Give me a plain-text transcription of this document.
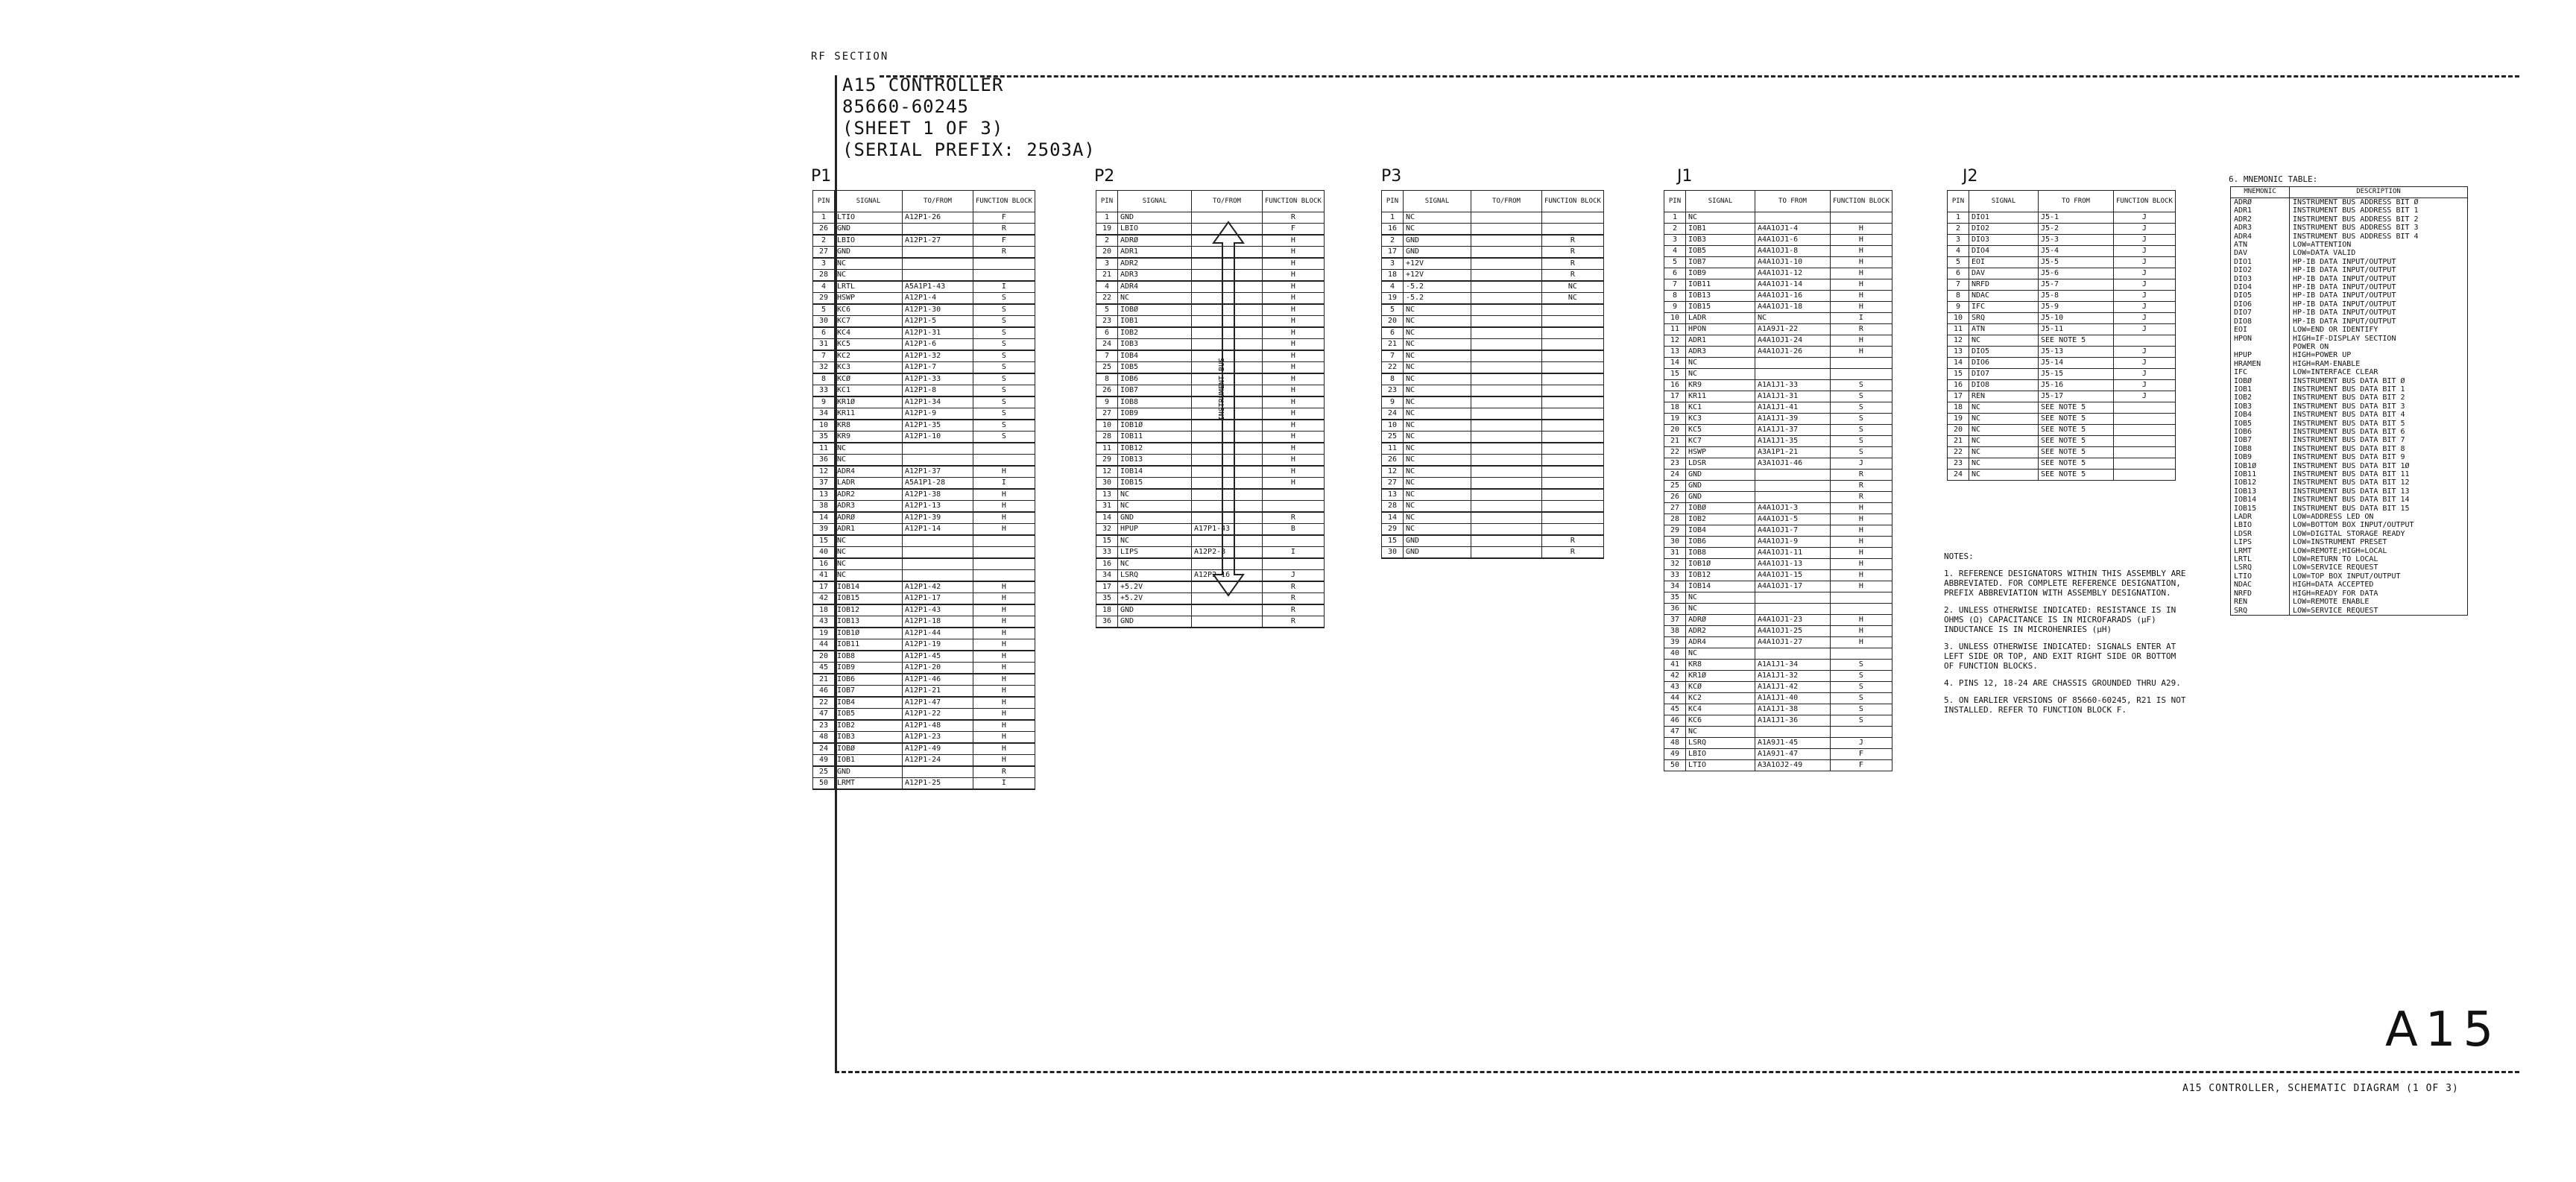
RF SECTION
A15 CONTROLLER
85660-60245
(SHEET 1 OF 3)
(SERIAL PREFIX: 2503A)
P1	P2	P3	J1	J2
PIN	SIGNAL	TO/FROM	FUNCTION BLOCK
1	LTIO	A12P1-26	F
26	GND		R
2	LBIO	A12P1-27	F
27	GND		R
3	NC		
28	NC		
4	LRTL	A5A1P1-43	I
29	HSWP	A12P1-4	S
5	KC6	A12P1-30	S
30	KC7	A12P1-5	S
6	KC4	A12P1-31	S
31	KC5	A12P1-6	S
7	KC2	A12P1-32	S
32	KC3	A12P1-7	S
8	KCØ	A12P1-33	S
33	KC1	A12P1-8	S
9	KR1Ø	A12P1-34	S
34	KR11	A12P1-9	S
10	KR8	A12P1-35	S
35	KR9	A12P1-10	S
11	NC		
36	NC		
12	ADR4	A12P1-37	H
37	LADR	A5A1P1-28	I
13	ADR2	A12P1-38	H
38	ADR3	A12P1-13	H
14	ADRØ	A12P1-39	H
39	ADR1	A12P1-14	H
15	NC		
40	NC		
16	NC		
41	NC		
17	IOB14	A12P1-42	H
42	IOB15	A12P1-17	H
18	IOB12	A12P1-43	H
43	IOB13	A12P1-18	H
19	IOB1Ø	A12P1-44	H
44	IOB11	A12P1-19	H
20	IOB8	A12P1-45	H
45	IOB9	A12P1-20	H
21	IOB6	A12P1-46	H
46	IOB7	A12P1-21	H
22	IOB4	A12P1-47	H
47	IOB5	A12P1-22	H
23	IOB2	A12P1-48	H
48	IOB3	A12P1-23	H
24	IOBØ	A12P1-49	H
49	IOB1	A12P1-24	H
25	GND		R
50	LRMT	A12P1-25	I
PIN	SIGNAL	TO/FROM	FUNCTION BLOCK
1	GND		R
19	LBIO		F
2	ADRØ		H
20	ADR1		H
3	ADR2		H
21	ADR3		H
4	ADR4		H
22	NC		H
5	IOBØ		H
23	IOB1		H
6	IOB2		H
24	IOB3		H
7	IOB4		H
25	IOB5		H
8	IOB6		H
26	IOB7		H
9	IOB8		H
27	IOB9		H
10	IOB1Ø		H
28	IOB11		H
11	IOB12		H
29	IOB13		H
12	IOB14		H
30	IOB15		H
13	NC		
31	NC		
14	GND		R
32	HPUP	A17P1-43	B
15	NC		
33	LIPS	A12P2-8	I
16	NC		
34	LSRQ	A12P2-16	J
17	+5.2V		R
35	+5.2V		R
18	GND		R
36	GND		R
INSTRUMENT BUS
PIN	SIGNAL	TO/FROM	FUNCTION BLOCK
1	NC		
16	NC		
2	GND		R
17	GND		R
3	+12V		R
18	+12V		R
4	-5.2		NC
19	-5.2		NC
5	NC		
20	NC		
6	NC		
21	NC		
7	NC		
22	NC		
8	NC		
23	NC		
9	NC		
24	NC		
10	NC		
25	NC		
11	NC		
26	NC		
12	NC		
27	NC		
13	NC		
28	NC		
14	NC		
29	NC		
15	GND		R
30	GND		R
PIN	SIGNAL	TO FROM	FUNCTION BLOCK
1	NC		
2	IOB1	A4A1OJ1-4	H
3	IOB3	A4A1OJ1-6	H
4	IOB5	A4A1OJ1-8	H
5	IOB7	A4A1OJ1-10	H
6	IOB9	A4A1OJ1-12	H
7	IOB11	A4A1OJ1-14	H
8	IOB13	A4A1OJ1-16	H
9	IOB15	A4A1OJ1-18	H
10	LADR	NC	I
11	HPON	A1A9J1-22	R
12	ADR1	A4A1OJ1-24	H
13	ADR3	A4A1OJ1-26	H
14	NC		
15	NC		
16	KR9	A1A1J1-33	S
17	KR11	A1A1J1-31	S
18	KC1	A1A1J1-41	S
19	KC3	A1A1J1-39	S
20	KC5	A1A1J1-37	S
21	KC7	A1A1J1-35	S
22	HSWP	A3A1P1-21	S
23	LDSR	A3A1OJ1-46	J
24	GND		R
25	GND		R
26	GND		R
27	IOBØ	A4A1OJ1-3	H
28	IOB2	A4A1OJ1-5	H
29	IOB4	A4A1OJ1-7	H
30	IOB6	A4A1OJ1-9	H
31	IOB8	A4A1OJ1-11	H
32	IOB1Ø	A4A1OJ1-13	H
33	IOB12	A4A1OJ1-15	H
34	IOB14	A4A1OJ1-17	H
35	NC		
36	NC		
37	ADRØ	A4A1OJ1-23	H
38	ADR2	A4A1OJ1-25	H
39	ADR4	A4A1OJ1-27	H
40	NC		
41	KR8	A1A1J1-34	S
42	KR1Ø	A1A1J1-32	S
43	KCØ	A1A1J1-42	S
44	KC2	A1A1J1-40	S
45	KC4	A1A1J1-38	S
46	KC6	A1A1J1-36	S
47	NC		
48	LSRQ	A1A9J1-45	J
49	LBIO	A1A9J1-47	F
50	LTIO	A3A1OJ2-49	F
PIN	SIGNAL	TO FROM	FUNCTION BLOCK
1	DIO1	J5-1	J
2	DIO2	J5-2	J
3	DIO3	J5-3	J
4	DIO4	J5-4	J
5	EOI	J5-5	J
6	DAV	J5-6	J
7	NRFD	J5-7	J
8	NDAC	J5-8	J
9	IFC	J5-9	J
10	SRQ	J5-10	J
11	ATN	J5-11	J
12	NC	SEE NOTE 5	
13	DIO5	J5-13	J
14	DIO6	J5-14	J
15	DIO7	J5-15	J
16	DIO8	J5-16	J
17	REN	J5-17	J
18	NC	SEE NOTE 5	
19	NC	SEE NOTE 5	
20	NC	SEE NOTE 5	
21	NC	SEE NOTE 5	
22	NC	SEE NOTE 5	
23	NC	SEE NOTE 5	
24	NC	SEE NOTE 5	

NOTES:

1. REFERENCE DESIGNATORS WITHIN THIS ASSEMBLY ARE ABBREVIATED. FOR COMPLETE REFERENCE DESIGNATION, PREFIX ABBREVIATION WITH ASSEMBLY DESIGNATION.

2. UNLESS OTHERWISE INDICATED: RESISTANCE IS IN OHMS (Ω) CAPACITANCE IS IN MICROFARADS (μF) INDUCTANCE IS IN MICROHENRIES (μH)

3. UNLESS OTHERWISE INDICATED: SIGNALS ENTER AT LEFT SIDE OR TOP, AND EXIT RIGHT SIDE OR BOTTOM OF FUNCTION BLOCKS.

4. PINS 12, 18-24 ARE CHASSIS GROUNDED THRU A29.

5. ON EARLIER VERSIONS OF 85660-60245, R21 IS NOT INSTALLED. REFER TO FUNCTION BLOCK F.

6. MNEMONIC TABLE:
MNEMONIC	DESCRIPTION
ADRØ	INSTRUMENT BUS ADDRESS BIT Ø
ADR1	INSTRUMENT BUS ADDRESS BIT 1
ADR2	INSTRUMENT BUS ADDRESS BIT 2
ADR3	INSTRUMENT BUS ADDRESS BIT 3
ADR4	INSTRUMENT BUS ADDRESS BIT 4
ATN	LOW=ATTENTION
DAV	LOW=DATA VALID
DIO1	HP-IB DATA INPUT/OUTPUT
DIO2	HP-IB DATA INPUT/OUTPUT
DIO3	HP-IB DATA INPUT/OUTPUT
DIO4	HP-IB DATA INPUT/OUTPUT
DIO5	HP-IB DATA INPUT/OUTPUT
DIO6	HP-IB DATA INPUT/OUTPUT
DIO7	HP-IB DATA INPUT/OUTPUT
DIO8	HP-IB DATA INPUT/OUTPUT
EOI	LOW=END OR IDENTIFY
HPON	HIGH=IF-DISPLAY SECTION
	POWER ON
HPUP	HIGH=POWER UP
HRAMEN	HIGH=RAM-ENABLE
IFC	LOW=INTERFACE CLEAR
IOBØ	INSTRUMENT BUS DATA BIT Ø
IOB1	INSTRUMENT BUS DATA BIT 1
IOB2	INSTRUMENT BUS DATA BIT 2
IOB3	INSTRUMENT BUS DATA BIT 3
IOB4	INSTRUMENT BUS DATA BIT 4
IOB5	INSTRUMENT BUS DATA BIT 5
IOB6	INSTRUMENT BUS DATA BIT 6
IOB7	INSTRUMENT BUS DATA BIT 7
IOB8	INSTRUMENT BUS DATA BIT 8
IOB9	INSTRUMENT BUS DATA BIT 9
IOB1Ø	INSTRUMENT BUS DATA BIT 1Ø
IOB11	INSTRUMENT BUS DATA BIT 11
IOB12	INSTRUMENT BUS DATA BIT 12
IOB13	INSTRUMENT BUS DATA BIT 13
IOB14	INSTRUMENT BUS DATA BIT 14
IOB15	INSTRUMENT BUS DATA BIT 15
LADR	LOW=ADDRESS LED ON
LBIO	LOW=BOTTOM BOX INPUT/OUTPUT
LDSR	LOW=DIGITAL STORAGE READY
LIPS	LOW=INSTRUMENT PRESET
LRMT	LOW=REMOTE;HIGH=LOCAL
LRTL	LOW=RETURN TO LOCAL
LSRQ	LOW=SERVICE REQUEST
LTIO	LOW=TOP BOX INPUT/OUTPUT
NDAC	HIGH=DATA ACCEPTED
NRFD	HIGH=READY FOR DATA
REN	LOW=REMOTE ENABLE
SRQ	LOW=SERVICE REQUEST
A15
A15 CONTROLLER, SCHEMATIC DIAGRAM (1 OF 3)
